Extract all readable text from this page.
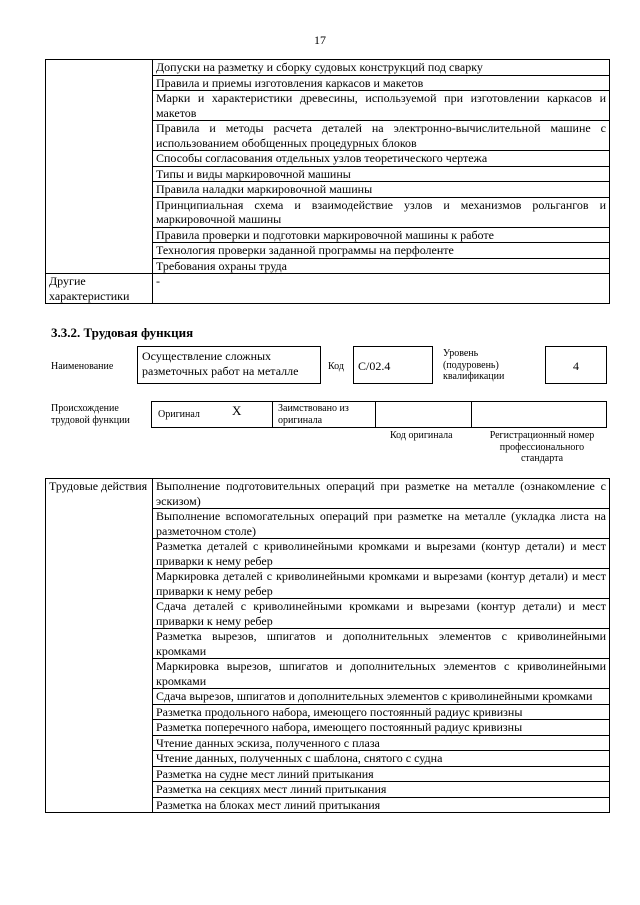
17
	Допуски на разметку и сборку судовых конструкций под сварку
	Правила и приемы изготовления каркасов и макетов
	Марки и характеристики древесины, используемой при изготовлении каркасов и макетов
	Правила и методы расчета деталей на электронно-вычислительной машине с использованием обобщенных процедурных блоков
	Способы согласования отдельных узлов теоретического чертежа
	Типы и виды маркировочной машины
	Правила наладки маркировочной машины
	Принципиальная схема и взаимодействие узлов и механизмов рольгангов и маркировочной машины
	Правила проверки и подготовки маркировочной машины к работе
	Технология проверки заданной программы на перфоленте
	Требования охраны труда
Другие характеристики	-
3.3.2. Трудовая функция
Наименование
Осуществление сложных разметочных работ на металле	Код	С/02.4
Уровень (подуровень) квалификации
4
Происхождение трудовой функции	Оригинал X	Заимствовано из оригинала
Код оригинала	Регистрационный номер профессионального стандарта
Трудовые действия	Выполнение подготовительных операций при разметке на металле (ознакомление с эскизом)
Выполнение вспомогательных операций при разметке на металле (укладка листа на разметочном столе)
Разметка деталей с криволинейными кромками и вырезами (контур детали) и мест приварки к нему ребер
Маркировка деталей с криволинейными кромками и вырезами (контур детали) и мест приварки к нему ребер
Сдача деталей с криволинейными кромками и вырезами (контур детали) и мест приварки к нему ребер
Разметка вырезов, шпигатов и дополнительных элементов с криволинейными кромками
Маркировка вырезов, шпигатов и дополнительных элементов с криволинейными кромками
Сдача вырезов, шпигатов и дополнительных элементов с криволинейными кромками
Разметка продольного набора, имеющего постоянный радиус кривизны
Разметка поперечного набора, имеющего постоянный радиус кривизны
Чтение данных эскиза, полученного с плаза
Чтение данных, полученных с шаблона, снятого с судна
Разметка на судне мест линий притыкания
Разметка на секциях мест линий притыкания
Разметка на блоках мест линий притыкания
